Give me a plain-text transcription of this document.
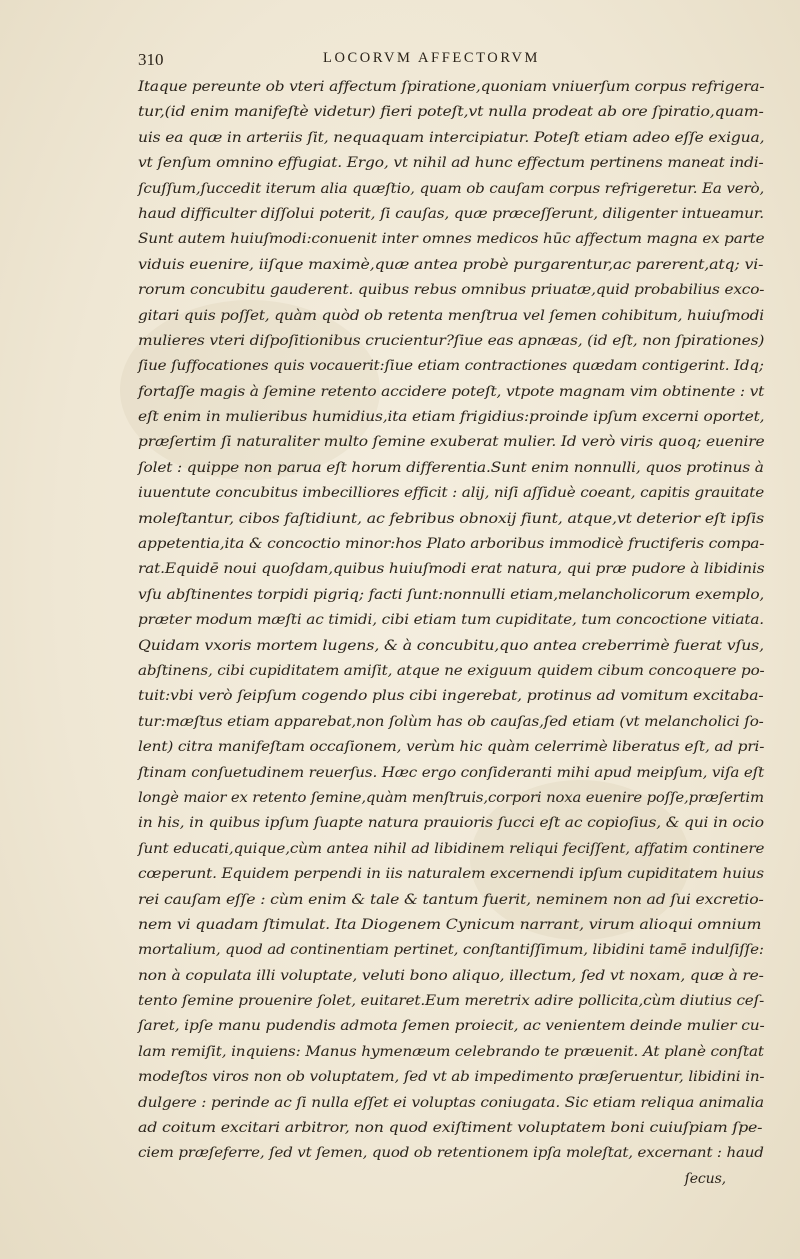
310	LOCORVM AFFECTORVM
Itaque pereunte ob vteri affectum ſpiratione,quoniam vniuerſum corpus refrigera-
tur,(id enim manifeſtè videtur) fieri poteſt,vt nulla prodeat ab ore ſpiratio,quam-
uis ea quæ in arteriis ſit, nequaquam intercipiatur. Poteſt etiam adeo eſſe exigua,
vt ſenſum omnino effugiat. Ergo, vt nihil ad hunc effectum pertinens maneat indi-
ſcuſſum,ſuccedit iterum alia quæſtio, quam ob cauſam corpus refrigeretur. Ea verò,
haud difficulter diſſolui poterit, ſi cauſas, quæ præceſſerunt, diligenter intueamur.
Sunt autem huiuſmodi:conuenit inter omnes medicos hūc affectum magna ex parte
viduis euenire, iiſque maximè,quæ antea probè purgarentur,ac parerent,atq; vi-
rorum concubitu gauderent. quibus rebus omnibus priuatæ,quid probabilius exco-
gitari quis poſſet, quàm quòd ob retenta menſtrua vel ſemen cohibitum, huiuſmodi
mulieres vteri diſpoſitionibus crucientur?ſiue eas apnæas, (id eſt, non ſpirationes)
ſiue ſuffocationes quis vocauerit:ſiue etiam contractiones quædam contigerint. Idq;
fortaſſe magis à ſemine retento accidere poteſt, vtpote magnam vim obtinente : vt
eſt enim in mulieribus humidius,ita etiam frigidius:proinde ipſum excerni oportet,
præſertim ſi naturaliter multo ſemine exuberat mulier. Id verò viris quoq; euenire
ſolet : quippe non parua eſt horum differentia.Sunt enim nonnulli, quos protinus à
iuuentute concubitus imbecilliores efficit : alij, niſi aſſiduè coeant, capitis grauitate
moleſtantur, cibos faſtidiunt, ac febribus obnoxij fiunt, atque,vt deterior eſt ipſis
appetentia,ita & concoctio minor:hos Plato arboribus immodicè fructiferis compa-
rat.Equidē noui quoſdam,quibus huiuſmodi erat natura, qui præ pudore à libidinis
vſu abſtinentes torpidi pigriq; facti ſunt:nonnulli etiam,melancholicorum exemplo,
præter modum mæſti ac timidi, cibi etiam tum cupiditate, tum concoctione vitiata.
Quidam vxoris mortem lugens, & à concubitu,quo antea creberrimè fuerat vſus,
abſtinens, cibi cupiditatem amiſit, atque ne exiguum quidem cibum concoquere po-
tuit:vbi verò ſeipſum cogendo plus cibi ingerebat, protinus ad vomitum excitaba-
tur:mæſtus etiam apparebat,non ſolùm has ob cauſas,ſed etiam (vt melancholici ſo-
lent) citra manifeſtam occaſionem, verùm hic quàm celerrimè liberatus eſt, ad pri-
ſtinam conſuetudinem reuerſus. Hæc ergo conſideranti mihi apud meipſum, viſa eſt
longè maior ex retento ſemine,quàm menſtruis,corpori noxa euenire poſſe,præſertim
in his, in quibus ipſum ſuapte natura prauioris ſucci eſt ac copioſius, & qui in ocio
ſunt educati,quique,cùm antea nihil ad libidinem reliqui feciſſent, affatim continere
cœperunt. Equidem perpendi in iis naturalem excernendi ipſum cupiditatem huius
rei cauſam eſſe : cùm enim & tale & tantum fuerit, neminem non ad ſui excretio-
nem vi quadam ſtimulat. Ita Diogenem Cynicum narrant, virum alioqui omnium
mortalium, quod ad continentiam pertinet, conſtantiſſimum, libidini tamē indulſiſſe:
non à copulata illi voluptate, veluti bono aliquo, illectum, ſed vt noxam, quæ à re-
tento ſemine prouenire ſolet, euitaret.Eum meretrix adire pollicita,cùm diutius ceſ-
ſaret, ipſe manu pudendis admota ſemen proiecit, ac venientem deinde mulier cu-
lam remiſit, inquiens: Manus hymenæum celebrando te præuenit. At planè conſtat
modeſtos viros non ob voluptatem, ſed vt ab impedimento præſeruentur, libidini in-
dulgere : perinde ac ſi nulla eſſet ei voluptas coniugata. Sic etiam reliqua animalia
ad coitum excitari arbitror, non quod exiſtiment voluptatem boni cuiuſpiam ſpe-
ciem præſeferre, ſed vt ſemen, quod ob retentionem ipſa moleſtat, excernant : haud
ſecus,
